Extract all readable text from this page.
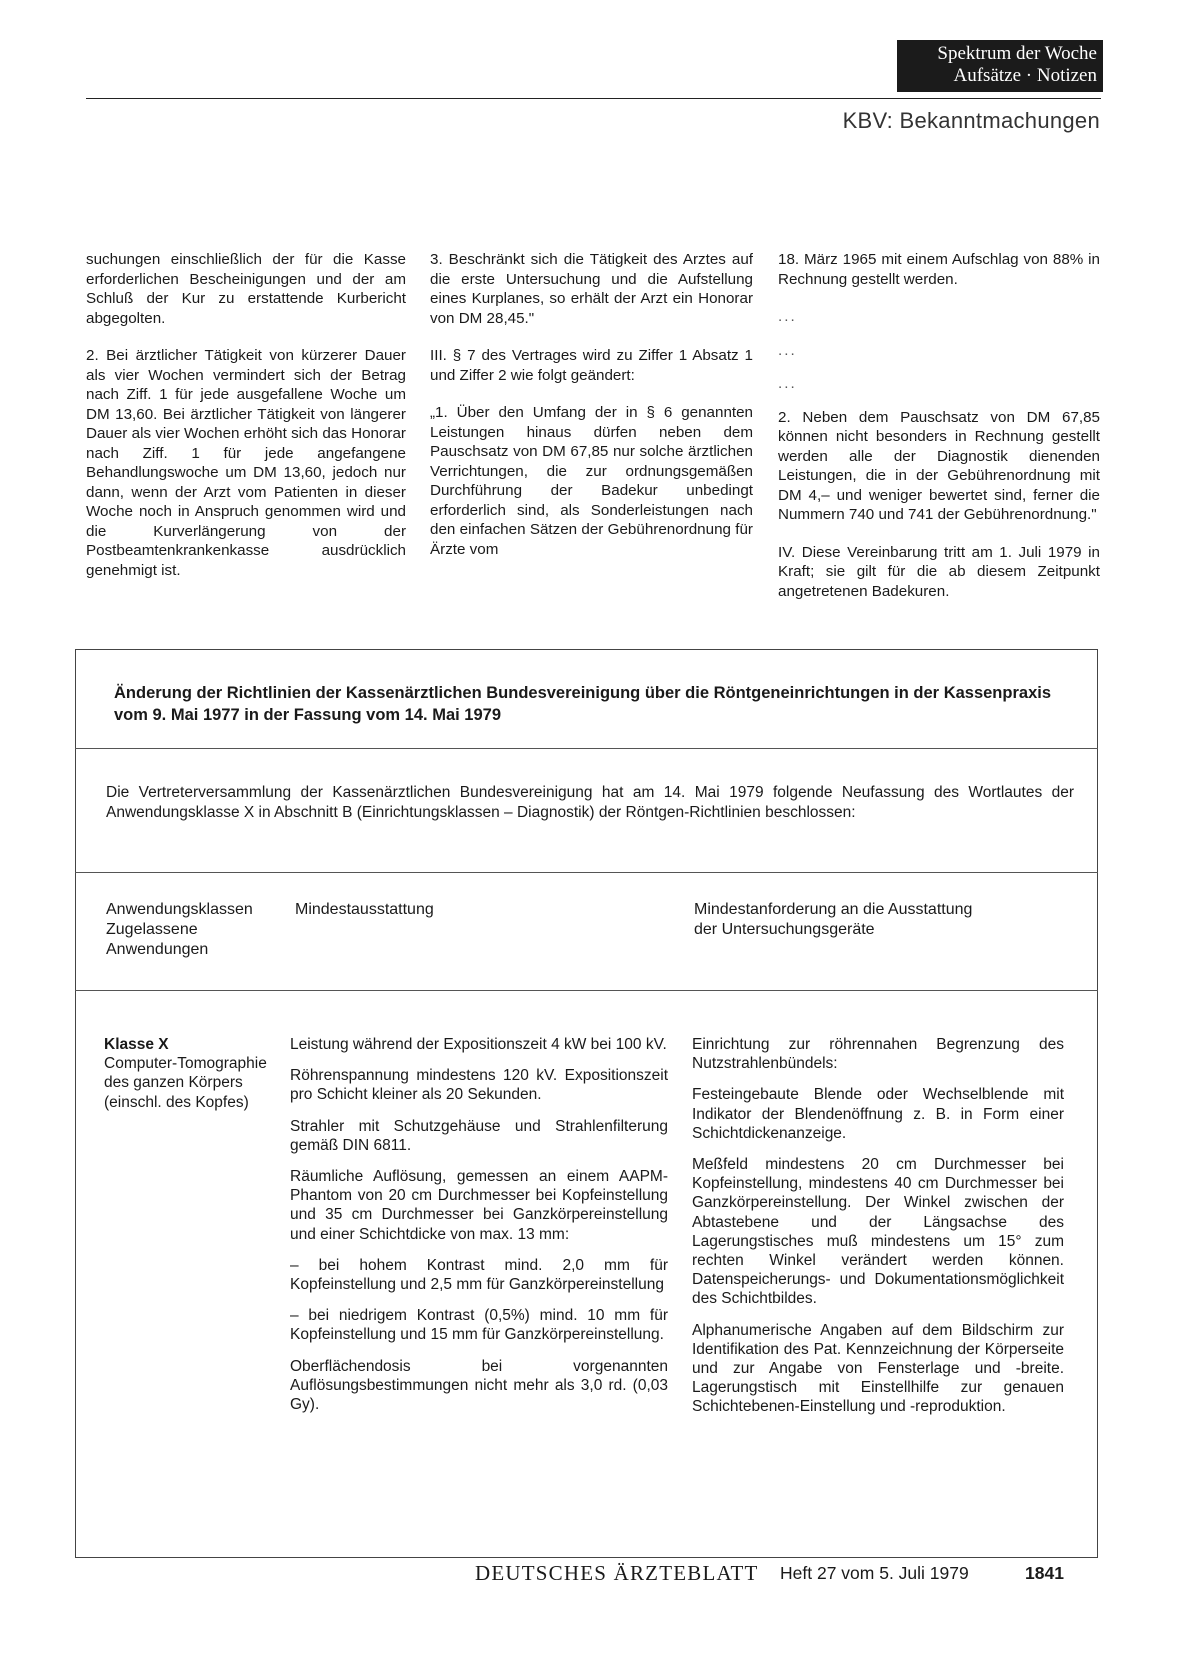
Spektrum der Woche
Aufsätze · Notizen
KBV: Bekanntmachungen

suchungen einschließlich der für die Kasse erforderlichen Bescheinigungen und der am Schluß der Kur zu erstattende Kurbericht abgegolten.

2. Bei ärztlicher Tätigkeit von kürzerer Dauer als vier Wochen vermindert sich der Betrag nach Ziff. 1 für jede ausgefallene Woche um DM 13,60. Bei ärztlicher Tätigkeit von längerer Dauer als vier Wochen erhöht sich das Honorar nach Ziff. 1 für jede angefangene Behandlungswoche um DM 13,60, jedoch nur dann, wenn der Arzt vom Patienten in dieser Woche noch in Anspruch genommen wird und die Kurverlängerung von der Postbeamtenkrankenkasse ausdrücklich genehmigt ist.

3. Beschränkt sich die Tätigkeit des Arztes auf die erste Untersuchung und die Aufstellung eines Kurplanes, so erhält der Arzt ein Honorar von DM 28,45."

III. § 7 des Vertrages wird zu Ziffer 1 Absatz 1 und Ziffer 2 wie folgt geändert:

„1. Über den Umfang der in § 6 genannten Leistungen hinaus dürfen neben dem Pauschsatz von DM 67,85 nur solche ärztlichen Verrichtungen, die zur ordnungsgemäßen Durchführung der Badekur unbedingt erforderlich sind, als Sonderleistungen nach den einfachen Sätzen der Gebührenordnung für Ärzte vom

18. März 1965 mit einem Aufschlag von 88% in Rechnung gestellt werden.

...
...
...

2. Neben dem Pauschsatz von DM 67,85 können nicht besonders in Rechnung gestellt werden alle der Diagnostik dienenden Leistungen, die in der Gebührenordnung mit DM 4,– und weniger bewertet sind, ferner die Nummern 740 und 741 der Gebührenordnung."

IV. Diese Vereinbarung tritt am 1. Juli 1979 in Kraft; sie gilt für die ab diesem Zeitpunkt angetretenen Badekuren.

Änderung der Richtlinien der Kassenärztlichen Bundesvereinigung über die Röntgeneinrichtungen in der Kassenpraxis vom 9. Mai 1977 in der Fassung vom 14. Mai 1979
Die Vertreterversammlung der Kassenärztlichen Bundesvereinigung hat am 14. Mai 1979 folgende Neufassung des Wortlautes der Anwendungsklasse X in Abschnitt B (Einrichtungsklassen – Diagnostik) der Röntgen-Richtlinien beschlossen:
Anwendungsklassen
Zugelassene
Anwendungen
Mindestausstattung	Mindestanforderung an die Ausstattung
der Untersuchungsgeräte
Klasse X
Computer-Tomographie des ganzen Körpers (einschl. des Kopfes)

Leistung während der Expositionszeit 4 kW bei 100 kV.

Röhrenspannung mindestens 120 kV. Expositionszeit pro Schicht kleiner als 20 Sekunden.

Strahler mit Schutzgehäuse und Strahlenfilterung gemäß DIN 6811.

Räumliche Auflösung, gemessen an einem AAPM-Phantom von 20 cm Durchmesser bei Kopfeinstellung und 35 cm Durchmesser bei Ganzkörpereinstellung und einer Schichtdicke von max. 13 mm:

– bei hohem Kontrast mind. 2,0 mm für Kopfeinstellung und 2,5 mm für Ganzkörpereinstellung

– bei niedrigem Kontrast (0,5%) mind. 10 mm für Kopfeinstellung und 15 mm für Ganzkörpereinstellung.

Oberflächendosis bei vorgenannten Auflösungsbestimmungen nicht mehr als 3,0 rd. (0,03 Gy).

Einrichtung zur röhrennahen Begrenzung des Nutzstrahlenbündels:

Festeingebaute Blende oder Wechselblende mit Indikator der Blendenöffnung z. B. in Form einer Schichtdickenanzeige.

Meßfeld mindestens 20 cm Durchmesser bei Kopfeinstellung, mindestens 40 cm Durchmesser bei Ganzkörpereinstellung. Der Winkel zwischen der Abtastebene und der Längsachse des Lagerungstisches muß mindestens um 15° zum rechten Winkel verändert werden können. Datenspeicherungs- und Dokumentationsmöglichkeit des Schichtbildes.

Alphanumerische Angaben auf dem Bildschirm zur Identifikation des Pat. Kennzeichnung der Körperseite und zur Angabe von Fensterlage und -breite. Lagerungstisch mit Einstellhilfe zur genauen Schichtebenen-Einstellung und -reproduktion.

DEUTSCHES ÄRZTEBLATT Heft 27 vom 5. Juli 1979	1841
